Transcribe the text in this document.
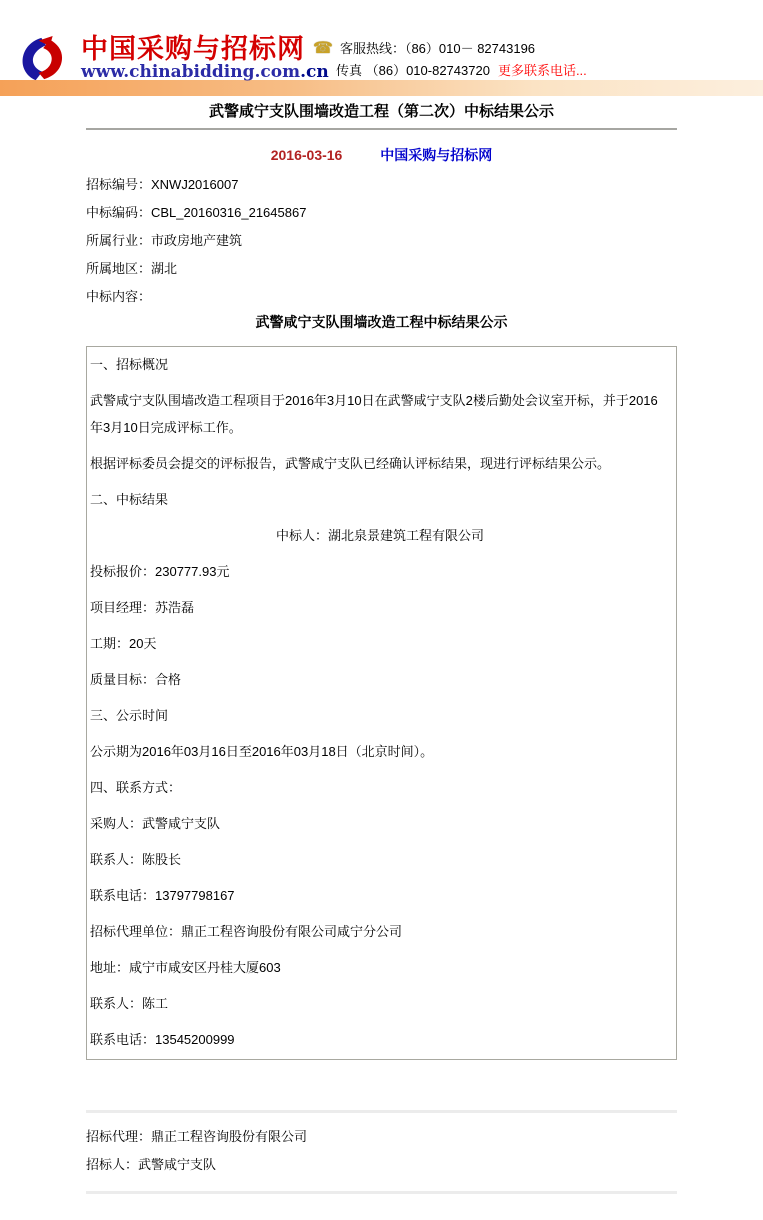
中国采购与招标网
www.chinabidding.com.cn
☎ 客服热线：（86）010－ 82743196
传真 （86）010-82743720 更多联系电话...
武警咸宁支队围墙改造工程（第二次）中标结果公示
2016-03-16	中国采购与招标网

招标编号：XNWJ2016007

中标编码：CBL_20160316_21645867

所属行业：市政房地产建筑

所属地区：湖北

中标内容：

武警咸宁支队围墙改造工程中标结果公示

一、招标概况

武警咸宁支队围墙改造工程项目于2016年3月10日在武警咸宁支队2楼后勤处会议室开标，并于2016年3月10日完成评标工作。

根据评标委员会提交的评标报告，武警咸宁支队已经确认评标结果，现进行评标结果公示。

二、中标结果

中标人：湖北泉景建筑工程有限公司

投标报价：230777.93元

项目经理：苏浩磊

工期：20天

质量目标：合格

三、公示时间

公示期为2016年03月16日至2016年03月18日（北京时间）。

四、联系方式：

采购人：武警咸宁支队

联系人：陈股长

联系电话：13797798167

招标代理单位：鼎正工程咨询股份有限公司咸宁分公司

地址：咸宁市咸安区丹桂大厦603

联系人：陈工

联系电话：13545200999

招标代理：鼎正工程咨询股份有限公司

招标人：武警咸宁支队
